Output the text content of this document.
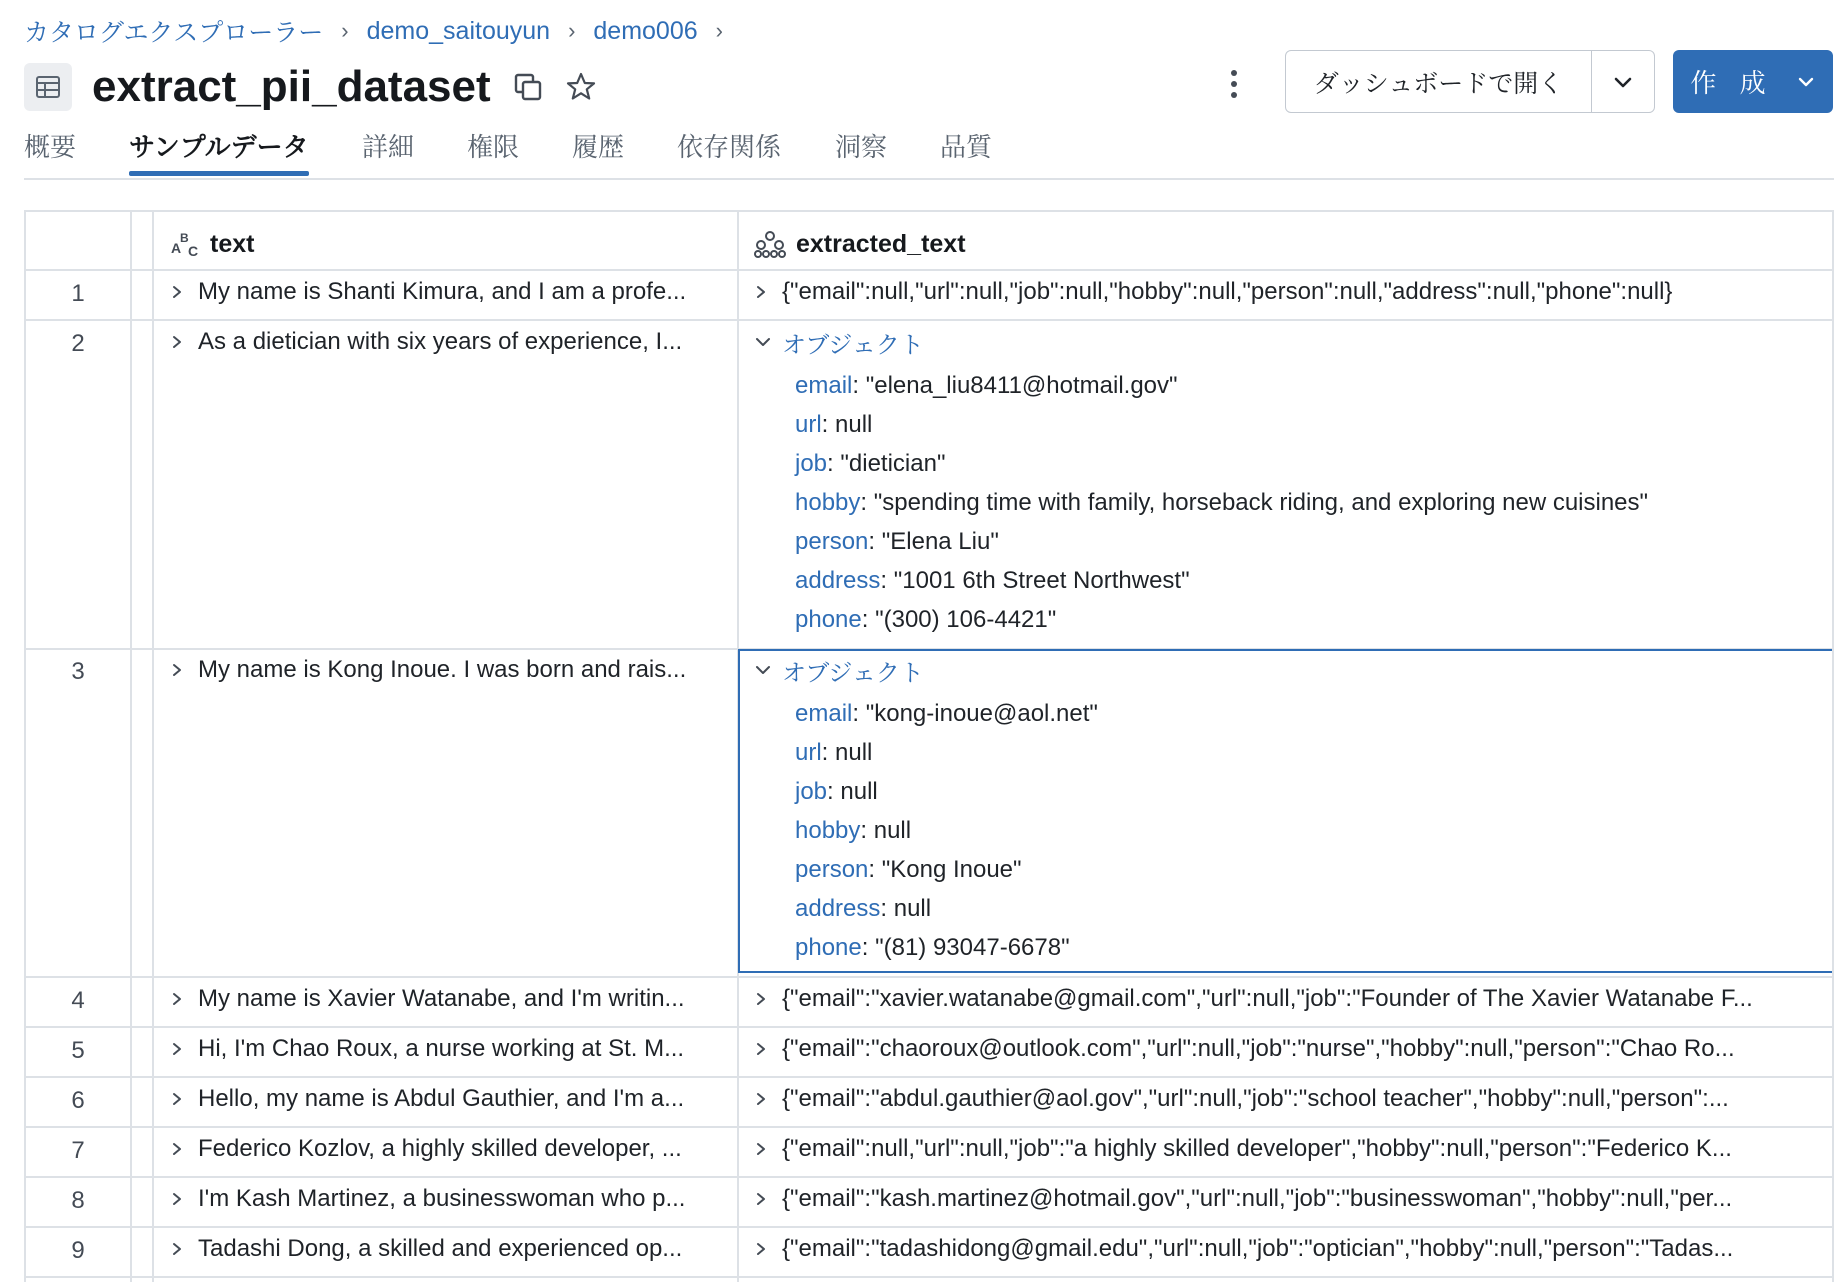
カタログエクスプローラー › demo_saitouyun › demo006 ›
extract_pii_dataset	ダッシュボードで開く	作 成
概要 サンプルデータ 詳細 権限 履歴 依存関係 洞察 品質
A
B
C text	extracted_text
1	My name is Shanti Kimura, and I am a profe...	{"email":null,"url":null,"job":null,"hobby":null,"person":null,"address":null,"phone":null}
2	As a dietician with six years of experience, I...	オブジェクト
email: "elena_liu8411@hotmail.gov"
url: null
job: "dietician"
hobby: "spending time with family, horseback riding, and exploring new cuisines"
person: "Elena Liu"
address: "1001 6th Street Northwest"
phone: "(300) 106-4421"
3	My name is Kong Inoue. I was born and rais...	オブジェクト
email: "kong-inoue@aol.net"
url: null
job: null
hobby: null
person: "Kong Inoue"
address: null
phone: "(81) 93047-6678"
4	My name is Xavier Watanabe, and I'm writin...	{"email":"xavier.watanabe@gmail.com","url":null,"job":"Founder of The Xavier Watanabe F...
5	Hi, I'm Chao Roux, a nurse working at St. M...	{"email":"chaoroux@outlook.com","url":null,"job":"nurse","hobby":null,"person":"Chao Ro...
6	Hello, my name is Abdul Gauthier, and I'm a...	{"email":"abdul.gauthier@aol.gov","url":null,"job":"school teacher","hobby":null,"person":...
7	Federico Kozlov, a highly skilled developer, ...	{"email":null,"url":null,"job":"a highly skilled developer","hobby":null,"person":"Federico K...
8	I'm Kash Martinez, a businesswoman who p...	{"email":"kash.martinez@hotmail.gov","url":null,"job":"businesswoman","hobby":null,"per...
9	Tadashi Dong, a skilled and experienced op...	{"email":"tadashidong@gmail.edu","url":null,"job":"optician","hobby":null,"person":"Tadas...
